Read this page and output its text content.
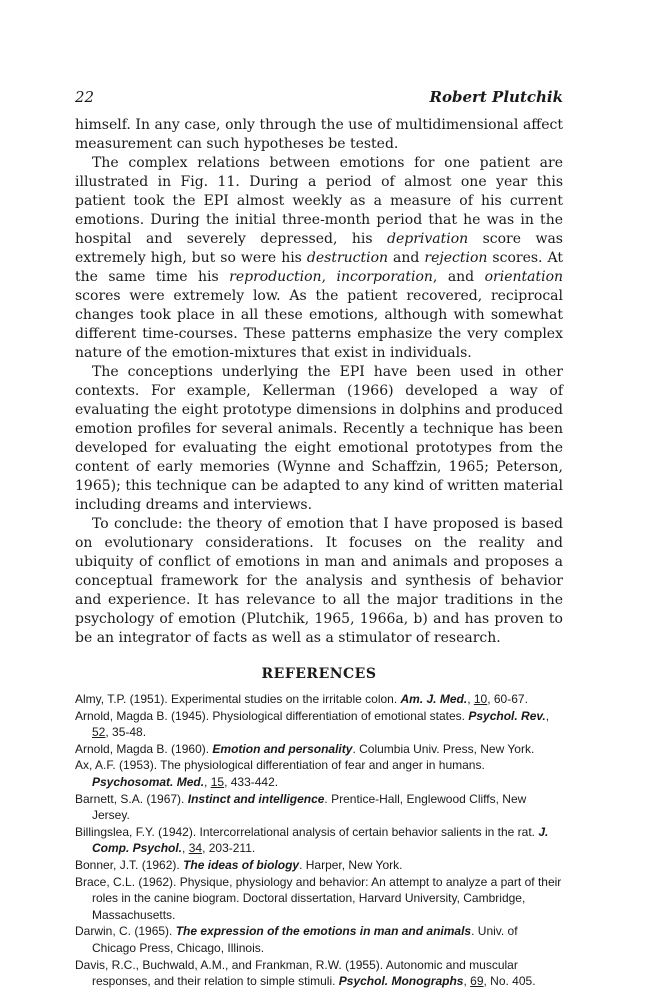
22	Robert Plutchik

himself. In any case, only through the use of multidimensional affect measurement can such hypotheses be tested.

The complex relations between emotions for one patient are illustrated in Fig. 11. During a period of almost one year this patient took the EPI almost weekly as a measure of his current emotions. During the initial three-month period that he was in the hospital and severely depressed, his deprivation score was extremely high, but so were his destruction and rejection scores. At the same time his reproduction, incorporation, and orientation scores were extremely low. As the patient recovered, reciprocal changes took place in all these emotions, although with somewhat different time-courses. These patterns emphasize the very complex nature of the emotion-mixtures that exist in individuals.

The conceptions underlying the EPI have been used in other contexts. For example, Kellerman (1966) developed a way of evaluating the eight prototype dimensions in dolphins and produced emotion profiles for several animals. Recently a technique has been developed for evaluating the eight emotional prototypes from the content of early memories (Wynne and Schaffzin, 1965; Peterson, 1965); this technique can be adapted to any kind of written material including dreams and interviews.

To conclude: the theory of emotion that I have proposed is based on evolutionary considerations. It focuses on the reality and ubiquity of conflict of emotions in man and animals and proposes a conceptual framework for the analysis and synthesis of behavior and experience. It has relevance to all the major traditions in the psychology of emotion (Plutchik, 1965, 1966a, b) and has proven to be an integrator of facts as well as a stimulator of research.

REFERENCES
Almy, T.P. (1951). Experimental studies on the irritable colon. Am. J. Med., 10, 60-67.
Arnold, Magda B. (1945). Physiological differentiation of emotional states. Psychol. Rev., 52, 35-48.
Arnold, Magda B. (1960). Emotion and personality. Columbia Univ. Press, New York.
Ax, A.F. (1953). The physiological differentiation of fear and anger in humans. Psychosomat. Med., 15, 433-442.
Barnett, S.A. (1967). Instinct and intelligence. Prentice-Hall, Englewood Cliffs, New Jersey.
Billingslea, F.Y. (1942). Intercorrelational analysis of certain behavior salients in the rat. J. Comp. Psychol., 34, 203-211.
Bonner, J.T. (1962). The ideas of biology. Harper, New York.
Brace, C.L. (1962). Physique, physiology and behavior: An attempt to analyze a part of their roles in the canine biogram. Doctoral dissertation, Harvard University, Cambridge, Massachusetts.
Darwin, C. (1965). The expression of the emotions in man and animals. Univ. of Chicago Press, Chicago, Illinois.
Davis, R.C., Buchwald, A.M., and Frankman, R.W. (1955). Autonomic and muscular responses, and their relation to simple stimuli. Psychol. Monographs, 69, No. 405.
